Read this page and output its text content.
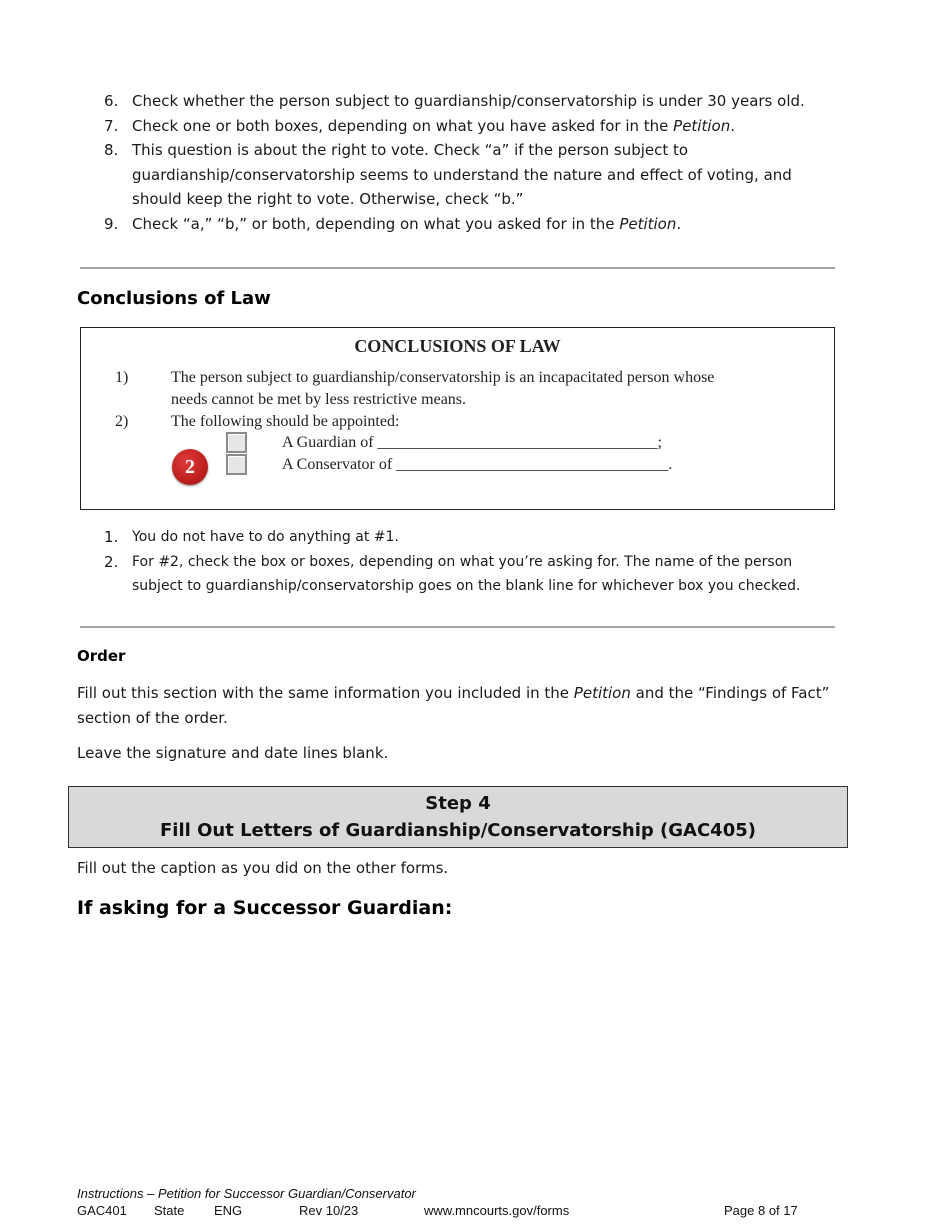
6. Check whether the person subject to guardianship/conservatorship is under 30 years old.
7. Check one or both boxes, depending on what you have asked for in the Petition.
8. This question is about the right to vote. Check “a” if the person subject to
guardianship/conservatorship seems to understand the nature and effect of voting, and
should keep the right to vote. Otherwise, check “b.”
9. Check “a,” “b,” or both, depending on what you asked for in the Petition.
Conclusions of Law
CONCLUSIONS OF LAW
1)	The person subject to guardianship/conservatorship is an incapacitated person whose
needs cannot be met by less restrictive means.
2)	The following should be appointed:
A Guardian of ___________________________________;
A Conservator of __________________________________.
2
1. You do not have to do anything at #1.
2. For #2, check the box or boxes, depending on what you’re asking for. The name of the person
subject to guardianship/conservatorship goes on the blank line for whichever box you checked.
Order
Fill out this section with the same information you included in the Petition and the “Findings of Fact”
section of the order.
Leave the signature and date lines blank.
Step 4
Fill Out Letters of Guardianship/Conservatorship (GAC405)
Fill out the caption as you did on the other forms.
If asking for a Successor Guardian:
Instructions – Petition for Successor Guardian/Conservator
GAC401 State ENG	Rev 10/23	www.mncourts.gov/forms	Page 8 of 17
